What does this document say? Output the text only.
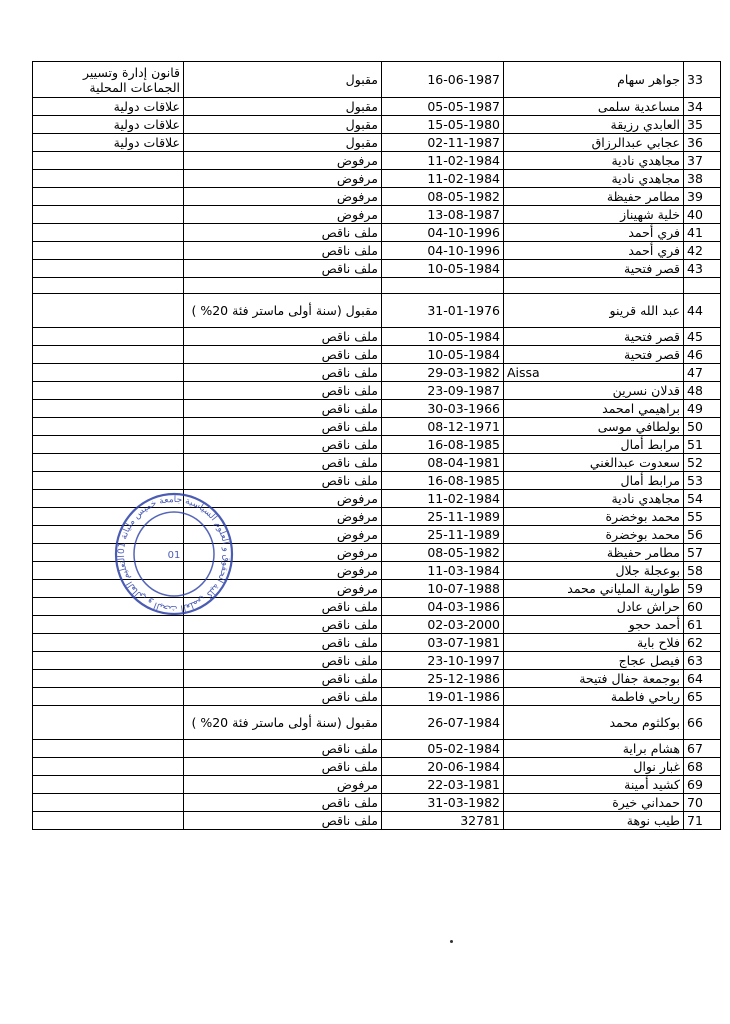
قانون إدارة وتسيير الجماعات المحلية	مقبول	16-06-1987	جواهر سهام	33
علاقات دولية	مقبول	05-05-1987	مساعدية سلمى	34
علاقات دولية	مقبول	15-05-1980	العابدي رزيقة	35
علاقات دولية	مقبول	02-11-1987	عجابي عبدالرزاق	36
	مرفوض	11-02-1984	مجاهدي نادية	37
	مرفوض	11-02-1984	مجاهدي نادية	38
	مرفوض	08-05-1982	مطامر حفيظة	39
	مرفوض	13-08-1987	خلية شهيناز	40
	ملف ناقص	04-10-1996	فري أحمد	41
	ملف ناقص	04-10-1996	فري أحمد	42
	ملف ناقص	10-05-1984	قصر فتحية	43

	مقبول (سنة أولى ماستر فئة 20% )	31-01-1976	عبد الله قرينو	44
	ملف ناقص	10-05-1984	قصر فتحية	45
	ملف ناقص	10-05-1984	قصر فتحية	46
	ملف ناقص	29-03-1982	Aissa	47
	ملف ناقص	23-09-1987	قدلان نسرين	48
	ملف ناقص	30-03-1966	براهيمي امحمد	49
	ملف ناقص	08-12-1971	بولطافي موسى	50
	ملف ناقص	16-08-1985	مرابط أمال	51
	ملف ناقص	08-04-1981	سعدوت عبدالغني	52
	ملف ناقص	16-08-1985	مرابط أمال	53
	مرفوض	11-02-1984	مجاهدي نادية	54
	مرفوض	25-11-1989	محمد بوخضرة	55
	مرفوض	25-11-1989	محمد بوخضرة	56
	مرفوض	08-05-1982	مطامر حفيظة	57
	مرفوض	11-03-1984	بوعجلة جلال	58
	مرفوض	10-07-1988	طوارية الملياني محمد	59
	ملف ناقص	04-03-1986	حراش عادل	60
	ملف ناقص	02-03-2000	أحمد حجو	61
	ملف ناقص	03-07-1981	فلاح باية	62
	ملف ناقص	23-10-1997	فيصل عجاج	63
	ملف ناقص	25-12-1986	بوجمعة جفال فتيحة	64
	ملف ناقص	19-01-1986	رباحي فاطمة	65
	مقبول (سنة أولى ماستر فئة 20% )	26-07-1984	بوكلثوم محمد	66
	ملف ناقص	05-02-1984	هشام براية	67
	ملف ناقص	20-06-1984	غبار نوال	68
	مرفوض	22-03-1981	كشيد أمينة	69
	ملف ناقص	31-03-1982	حمداني خيرة	70
	ملف ناقص	32781	طيب نوهة	71
التعليم العالي و البحث العلمي كلية الحقوق و العلوم السياسية جامعة خميس مليانة 01
01
